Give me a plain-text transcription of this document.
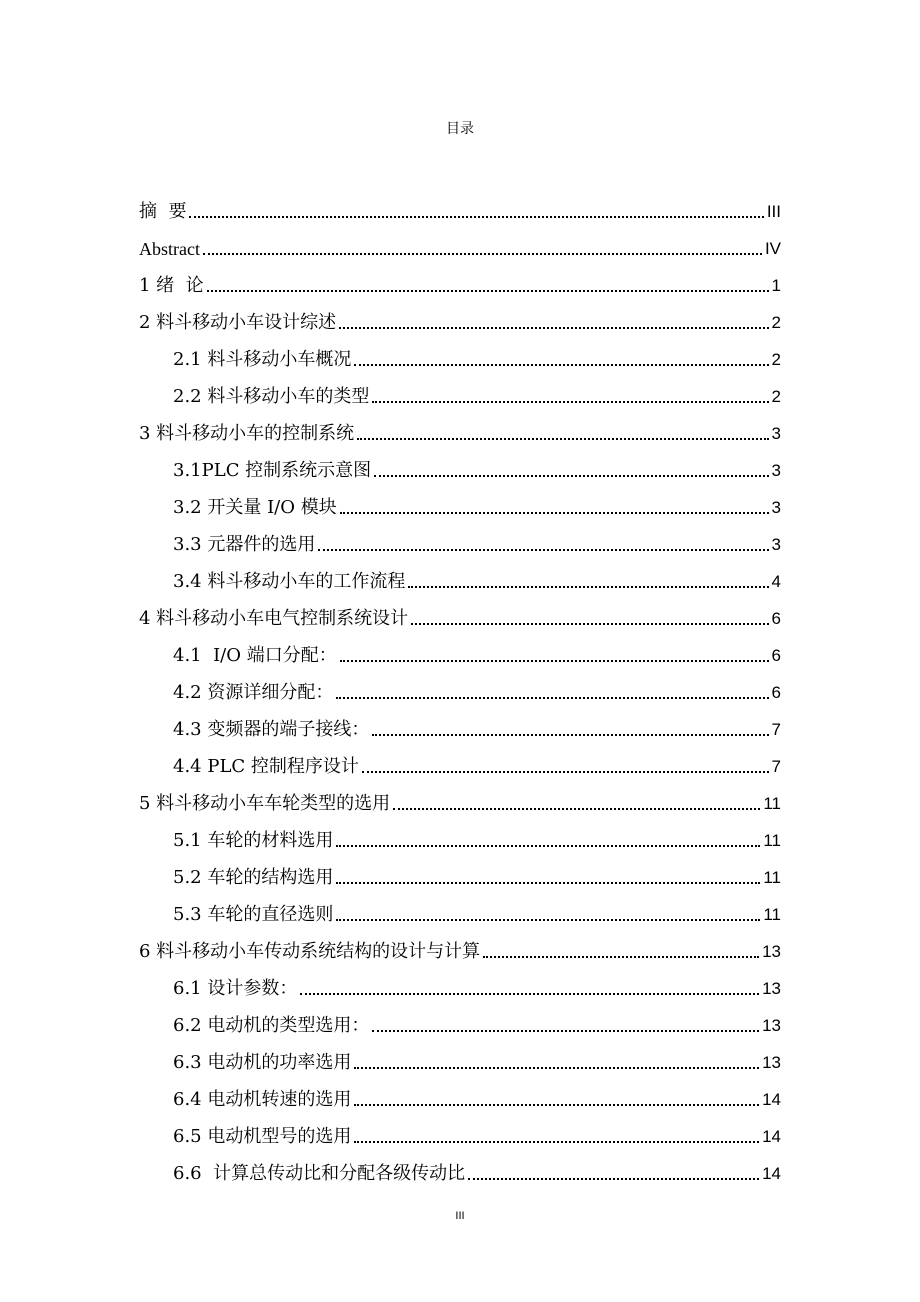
目录
摘  要	III
Abstract	IV
1 绪  论	1
2 料斗移动小车设计综述	2
2.1 料斗移动小车概况	2
2.2 料斗移动小车的类型	2
3 料斗移动小车的控制系统	3
3.1PLC 控制系统示意图	3
3.2 开关量 I/O 模块	3
3.3 元器件的选用	3
3.4 料斗移动小车的工作流程	4
4 料斗移动小车电气控制系统设计	6
4.1  I/O 端口分配：	6
4.2 资源详细分配：	6
4.3 变频器的端子接线：	7
4.4 PLC 控制程序设计	7
5 料斗移动小车车轮类型的选用	11
5.1 车轮的材料选用	11
5.2 车轮的结构选用	11
5.3 车轮的直径选则	11
6 料斗移动小车传动系统结构的设计与计算	13
6.1 设计参数：	13
6.2 电动机的类型选用：	13
6.3 电动机的功率选用	13
6.4 电动机转速的选用	14
6.5 电动机型号的选用	14
6.6  计算总传动比和分配各级传动比	14
III
